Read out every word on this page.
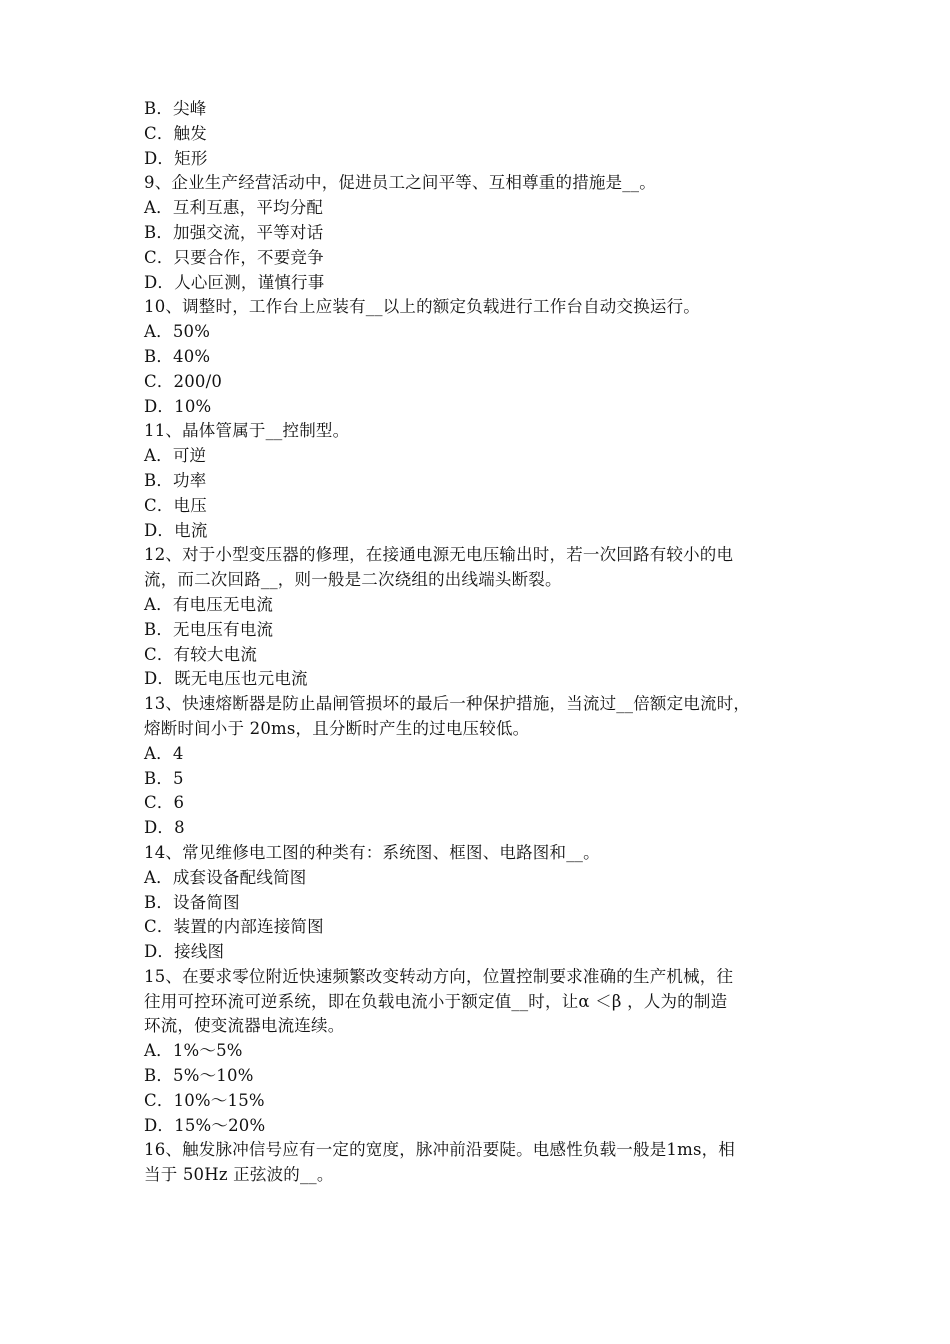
B．尖峰
C．触发
D．矩形
9、企业生产经营活动中，促进员工之间平等、互相尊重的措施是__。
A．互利互惠，平均分配
B．加强交流，平等对话
C．只要合作，不要竞争
D．人心叵测，谨慎行事
10、调整时，工作台上应装有__以上的额定负载进行工作台自动交换运行。
A．50%
B．40%
C．200/0
D．10%
11、晶体管属于__控制型。
A．可逆
B．功率
C．电压
D．电流
12、对于小型变压器的修理，在接通电源无电压输出时，若一次回路有较小的电
流，而二次回路__，则一般是二次绕组的出线端头断裂。
A．有电压无电流
B．无电压有电流
C．有较大电流
D．既无电压也元电流
13、快速熔断器是防止晶闸管损坏的最后一种保护措施，当流过__倍额定电流时，
熔断时间小于 20ms，且分断时产生的过电压较低。
A．4
B．5
C．6
D．8
14、常见维修电工图的种类有：系统图、框图、电路图和__。
A．成套设备配线简图
B．设备简图
C．装置的内部连接简图
D．接线图
15、在要求零位附近快速频繁改变转动方向，位置控制要求准确的生产机械，往
往用可控环流可逆系统，即在负载电流小于额定值__时，让α ＜β ，人为的制造
环流，使变流器电流连续。
A．1%～5%
B．5%～10%
C．10%～15%
D．15%～20%
16、触发脉冲信号应有一定的宽度，脉冲前沿要陡。电感性负载一般是1ms，相
当于 50Hz 正弦波的__。
